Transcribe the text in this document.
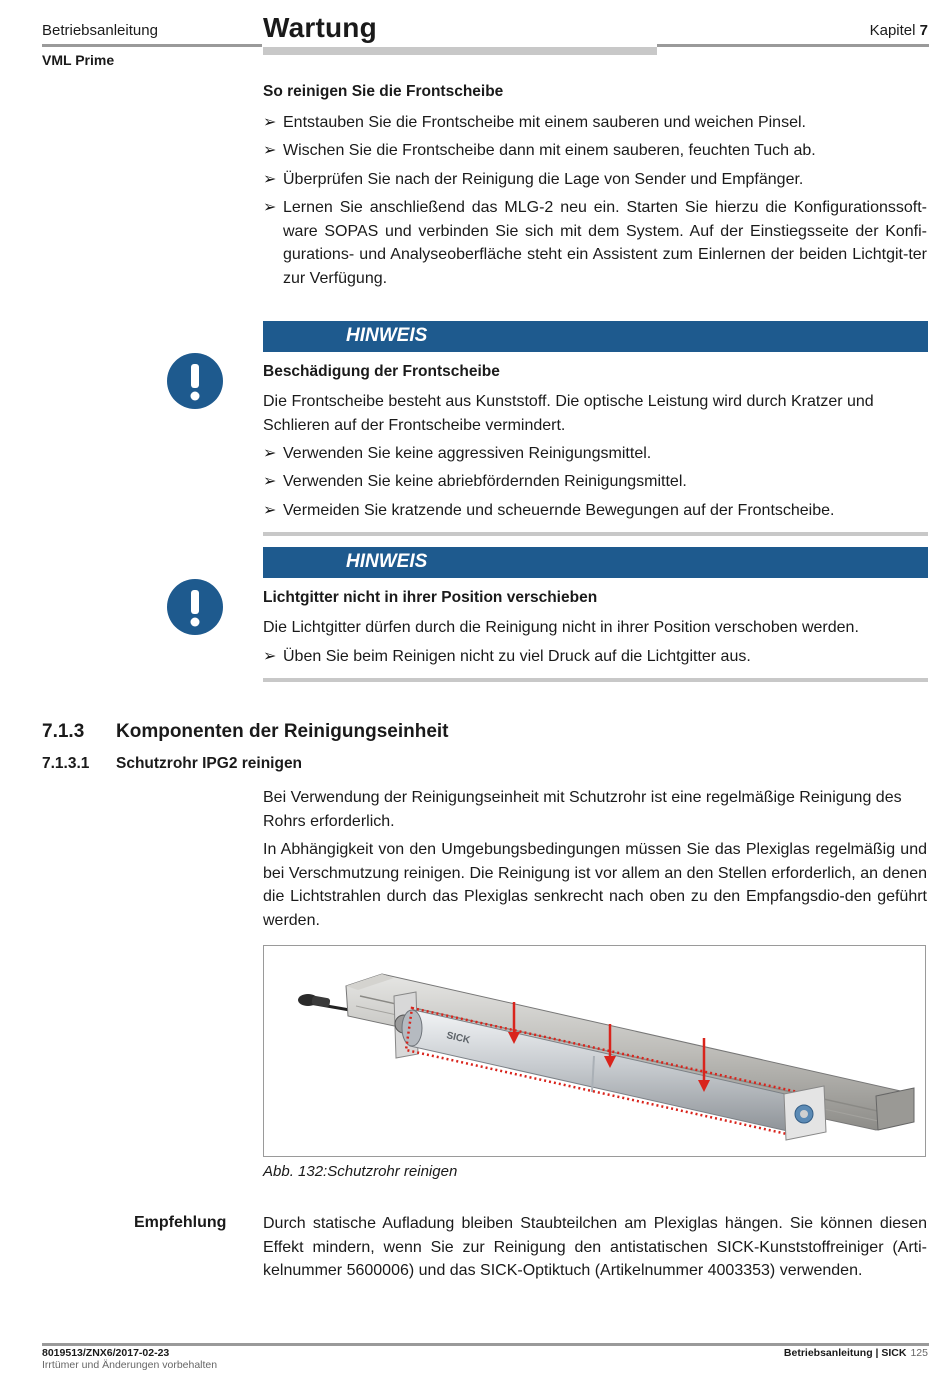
Betriebsanleitung	Wartung	Kapitel 7
VML Prime
So reinigen Sie die Frontscheibe
➢ Entstauben Sie die Frontscheibe mit einem sauberen und weichen Pinsel.
➢ Wischen Sie die Frontscheibe dann mit einem sauberen, feuchten Tuch ab.
➢ Überprüfen Sie nach der Reinigung die Lage von Sender und Empfänger.
➢ Lernen Sie anschließend das MLG-2 neu ein. Starten Sie hierzu die Konfigurationssoft-ware SOPAS und verbinden Sie sich mit dem System. Auf der Einstiegsseite der Konfi-gurations- und Analyseoberfläche steht ein Assistent zum Einlernen der beiden Lichtgit-ter zur Verfügung.
HINWEIS
Beschädigung der Frontscheibe
Die Frontscheibe besteht aus Kunststoff. Die optische Leistung wird durch Kratzer und Schlieren auf der Frontscheibe vermindert.
➢ Verwenden Sie keine aggressiven Reinigungsmittel.
➢ Verwenden Sie keine abriebfördernden Reinigungsmittel.
➢ Vermeiden Sie kratzende und scheuernde Bewegungen auf der Frontscheibe.
HINWEIS
Lichtgitter nicht in ihrer Position verschieben
Die Lichtgitter dürfen durch die Reinigung nicht in ihrer Position verschoben werden.
➢ Üben Sie beim Reinigen nicht zu viel Druck auf die Lichtgitter aus.
7.1.3 Komponenten der Reinigungseinheit
7.1.3.1 Schutzrohr IPG2 reinigen
Bei Verwendung der Reinigungseinheit mit Schutzrohr ist eine regelmäßige Reinigung des Rohrs erforderlich.
In Abhängigkeit von den Umgebungsbedingungen müssen Sie das Plexiglas regelmäßig und bei Verschmutzung reinigen. Die Reinigung ist vor allem an den Stellen erforderlich, an denen die Lichtstrahlen durch das Plexiglas senkrecht nach oben zu den Empfangsdio-den geführt werden.
SICK
Abb. 132:Schutzrohr reinigen
Empfehlung Durch statische Aufladung bleiben Staubteilchen am Plexiglas hängen. Sie können diesen Effekt mindern, wenn Sie zur Reinigung den antistatischen SICK-Kunststoffreiniger (Arti-kelnummer 5600006) und das SICK-Optiktuch (Artikelnummer 4003353) verwenden.
8019513/ZNX6/2017-02-23
Irrtümer und Änderungen vorbehalten
Betriebsanleitung | SICK 125
